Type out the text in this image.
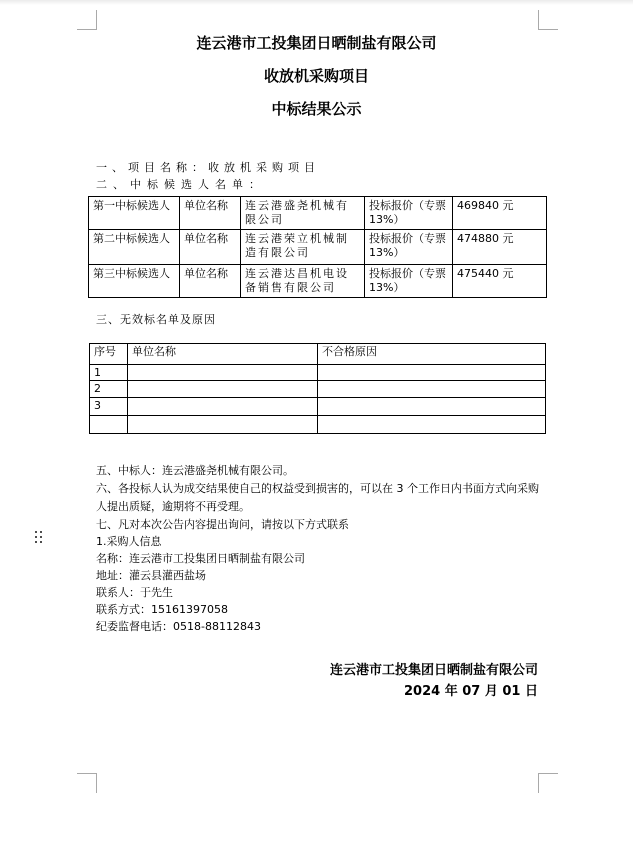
连云港市工投集团日晒制盐有限公司
收放机采购项目
中标结果公示
一、项目名称：收放机采购项目
二、中标候选人名单：
第一中标候选人	单位名称	连云港盛尧机械有限公司	投标报价（专票13%）	469840 元
第二中标候选人	单位名称	连云港荣立机械制造有限公司	投标报价（专票13%）	474880 元
第三中标候选人	单位名称	连云港达昌机电设备销售有限公司	投标报价（专票13%）	475440 元
三、无效标名单及原因
序号	单位名称	不合格原因
1		
2		
3		

五、中标人：连云港盛尧机械有限公司。
六、各投标人认为成交结果使自己的权益受到损害的，可以在 3 个工作日内书面方式向采购
人提出质疑，逾期将不再受理。
七、凡对本次公告内容提出询问，请按以下方式联系
1.采购人信息
名称：连云港市工投集团日晒制盐有限公司
地址：灌云县灌西盐场
联系人：于先生
联系方式：15161397058
纪委监督电话：0518-88112843
连云港市工投集团日晒制盐有限公司
2024 年 07 月 01 日
